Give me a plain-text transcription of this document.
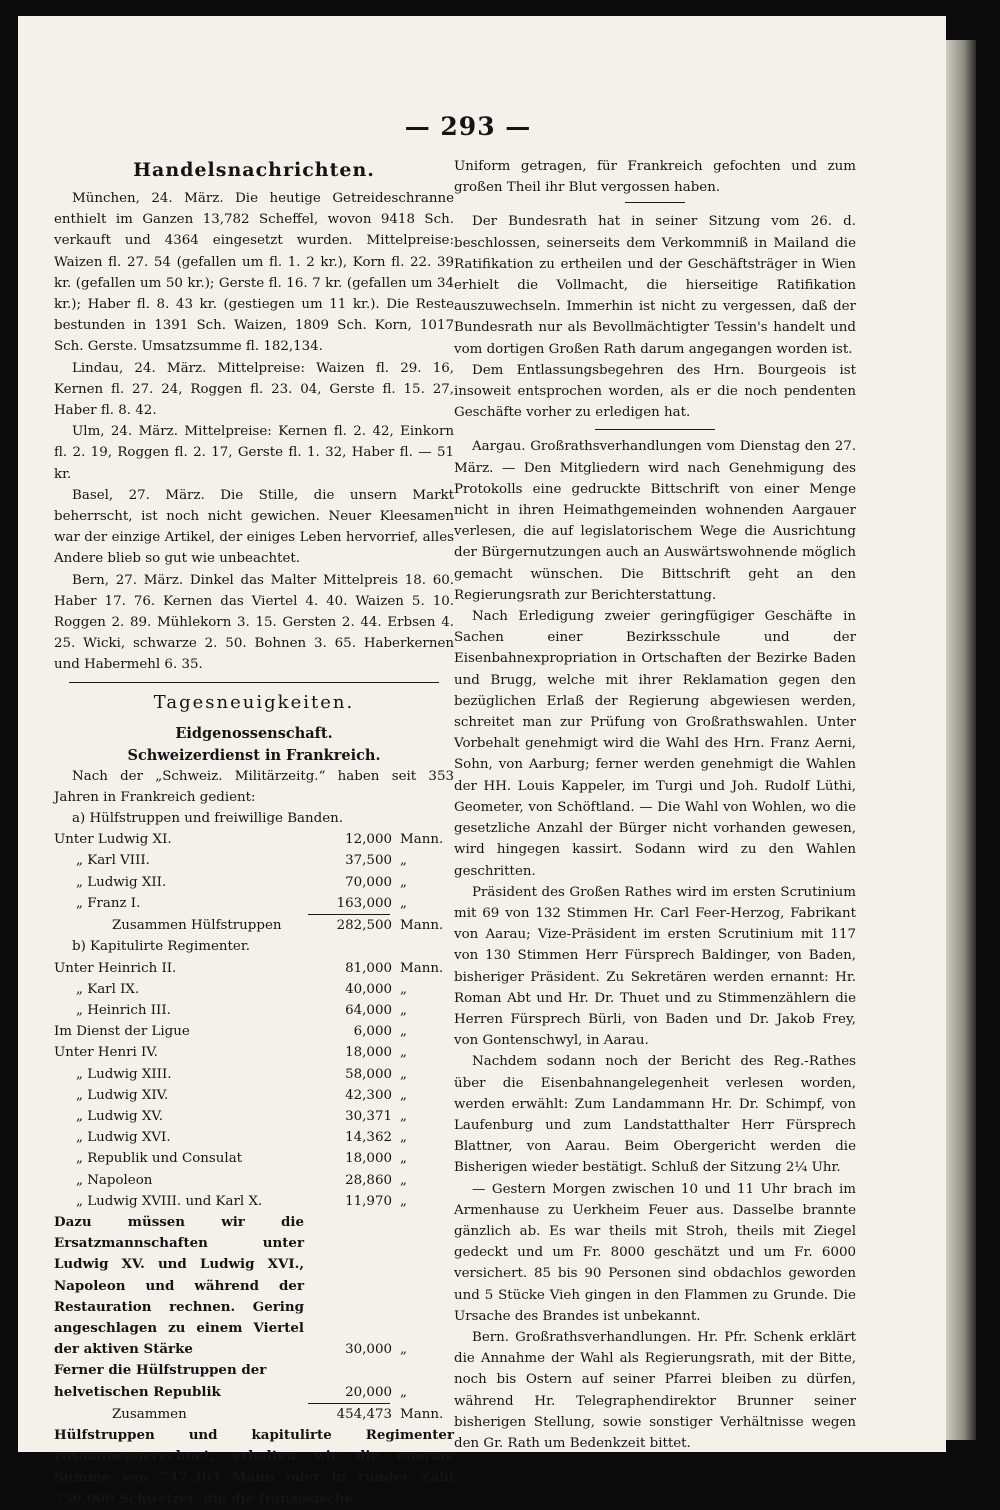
— 293 —
Handelsnachrichten.

München, 24. März. Die heutige Getreideschranne enthielt im Ganzen 13,782 Scheffel, wovon 9418 Sch. verkauft und 4364 eingesetzt wurden. Mittelpreise: Waizen fl. 27. 54 (gefallen um fl. 1. 2 kr.), Korn fl. 22. 39 kr. (gefallen um 50 kr.); Gerste fl. 16. 7 kr. (gefallen um 34 kr.); Haber fl. 8. 43 kr. (gestiegen um 11 kr.). Die Reste bestunden in 1391 Sch. Waizen, 1809 Sch. Korn, 1017 Sch. Gerste. Umsatzsumme fl. 182,134.

Lindau, 24. März. Mittelpreise: Waizen fl. 29. 16, Kernen fl. 27. 24, Roggen fl. 23. 04, Gerste fl. 15. 27, Haber fl. 8. 42.

Ulm, 24. März. Mittelpreise: Kernen fl. 2. 42, Einkorn fl. 2. 19, Roggen fl. 2. 17, Gerste fl. 1. 32, Haber fl. — 51 kr.

Basel, 27. März. Die Stille, die unsern Markt beherrscht, ist noch nicht gewichen. Neuer Kleesamen war der einzige Artikel, der einiges Leben hervorrief, alles Andere blieb so gut wie unbeachtet.

Bern, 27. März. Dinkel das Malter Mittelpreis 18. 60. Haber 17. 76. Kernen das Viertel 4. 40. Waizen 5. 10. Roggen 2. 89. Mühlekorn 3. 15. Gersten 2. 44. Erbsen 4. 25. Wicki, schwarze 2. 50. Bohnen 3. 65. Haberkernen und Habermehl 6. 35.

Tagesneuigkeiten.
Eidgenossenschaft.
Schweizerdienst in Frankreich.

Nach der „Schweiz. Militärzeitg.“ haben seit 353 Jahren in Frankreich gedient:

a) Hülfstruppen und freiwillige Banden.

Unter Ludwig XI.	12,000 Mann.
„ Karl VIII.	37,500 „
„ Ludwig XII.	70,000 „
„ Franz I.	163,000 „
Zusammen Hülfstruppen	282,500 Mann.

b) Kapitulirte Regimenter.

Unter Heinrich II.	81,000 Mann.
„ Karl IX.	40,000 „
„ Heinrich III.	64,000 „
Im Dienst der Ligue	6,000 „
Unter Henri IV.	18,000 „
„ Ludwig XIII.	58,000 „
„ Ludwig XIV.	42,300 „
„ Ludwig XV.	30,371 „
„ Ludwig XVI.	14,362 „
„ Republik und Consulat	18,000 „
„ Napoleon	28,860 „
„ Ludwig XVIII. und Karl X.	11,970 „
Dazu müssen wir die Ersatzmannschaften unter Ludwig XV. und Ludwig XVI., Napoleon und während der Restauration rechnen. Gering angeschlagen zu einem Viertel der aktiven Stärke	30,000 „
Ferner die Hülfstruppen der helvetischen Republik	20,000 „
Zusammen	454,473 Mann.

Hülfstruppen und kapitulirte Regimenter zusammengerechnet, erhalten wir die enorme Summe von 747,363 Mann oder in runder Zahl 750,000 Schweizer, die die französische

Uniform getragen, für Frankreich gefochten und zum großen Theil ihr Blut vergossen haben.

Der Bundesrath hat in seiner Sitzung vom 26. d. beschlossen, seinerseits dem Verkommniß in Mailand die Ratifikation zu ertheilen und der Geschäftsträger in Wien erhielt die Vollmacht, die hierseitige Ratifikation auszuwechseln. Immerhin ist nicht zu vergessen, daß der Bundesrath nur als Bevollmächtigter Tessin's handelt und vom dortigen Großen Rath darum angegangen worden ist.

Dem Entlassungsbegehren des Hrn. Bourgeois ist insoweit entsprochen worden, als er die noch pendenten Geschäfte vorher zu erledigen hat.

Aargau. Großrathsverhandlungen vom Dienstag den 27. März. — Den Mitgliedern wird nach Genehmigung des Protokolls eine gedruckte Bittschrift von einer Menge nicht in ihren Heimathgemeinden wohnenden Aargauer verlesen, die auf legislatorischem Wege die Ausrichtung der Bürgernutzungen auch an Auswärtswohnende möglich gemacht wünschen. Die Bittschrift geht an den Regierungsrath zur Berichterstattung.

Nach Erledigung zweier geringfügiger Geschäfte in Sachen einer Bezirksschule und der Eisenbahnexpropriation in Ortschaften der Bezirke Baden und Brugg, welche mit ihrer Reklamation gegen den bezüglichen Erlaß der Regierung abgewiesen werden, schreitet man zur Prüfung von Großrathswahlen. Unter Vorbehalt genehmigt wird die Wahl des Hrn. Franz Aerni, Sohn, von Aarburg; ferner werden genehmigt die Wahlen der HH. Louis Kappeler, im Turgi und Joh. Rudolf Lüthi, Geometer, von Schöftland. — Die Wahl von Wohlen, wo die gesetzliche Anzahl der Bürger nicht vorhanden gewesen, wird hingegen kassirt. Sodann wird zu den Wahlen geschritten.

Präsident des Großen Rathes wird im ersten Scrutinium mit 69 von 132 Stimmen Hr. Carl Feer-Herzog, Fabrikant von Aarau; Vize-Präsident im ersten Scrutinium mit 117 von 130 Stimmen Herr Fürsprech Baldinger, von Baden, bisheriger Präsident. Zu Sekretären werden ernannt: Hr. Roman Abt und Hr. Dr. Thuet und zu Stimmenzählern die Herren Fürsprech Bürli, von Baden und Dr. Jakob Frey, von Gontenschwyl, in Aarau.

Nachdem sodann noch der Bericht des Reg.-Rathes über die Eisenbahnangelegenheit verlesen worden, werden erwählt: Zum Landammann Hr. Dr. Schimpf, von Laufenburg und zum Landstatthalter Herr Fürsprech Blattner, von Aarau. Beim Obergericht werden die Bisherigen wieder bestätigt. Schluß der Sitzung 2¼ Uhr.

— Gestern Morgen zwischen 10 und 11 Uhr brach im Armenhause zu Uerkheim Feuer aus. Dasselbe brannte gänzlich ab. Es war theils mit Stroh, theils mit Ziegel gedeckt und um Fr. 8000 geschätzt und um Fr. 6000 versichert. 85 bis 90 Personen sind obdachlos geworden und 5 Stücke Vieh gingen in den Flammen zu Grunde. Die Ursache des Brandes ist unbekannt.

Bern. Großrathsverhandlungen. Hr. Pfr. Schenk erklärt die Annahme der Wahl als Regierungsrath, mit der Bitte, noch bis Ostern auf seiner Pfarrei bleiben zu dürfen, während Hr. Telegraphendirektor Brunner seiner bisherigen Stellung, sowie sonstiger Verhältnisse wegen den Gr. Rath um Bedenkzeit bittet.
